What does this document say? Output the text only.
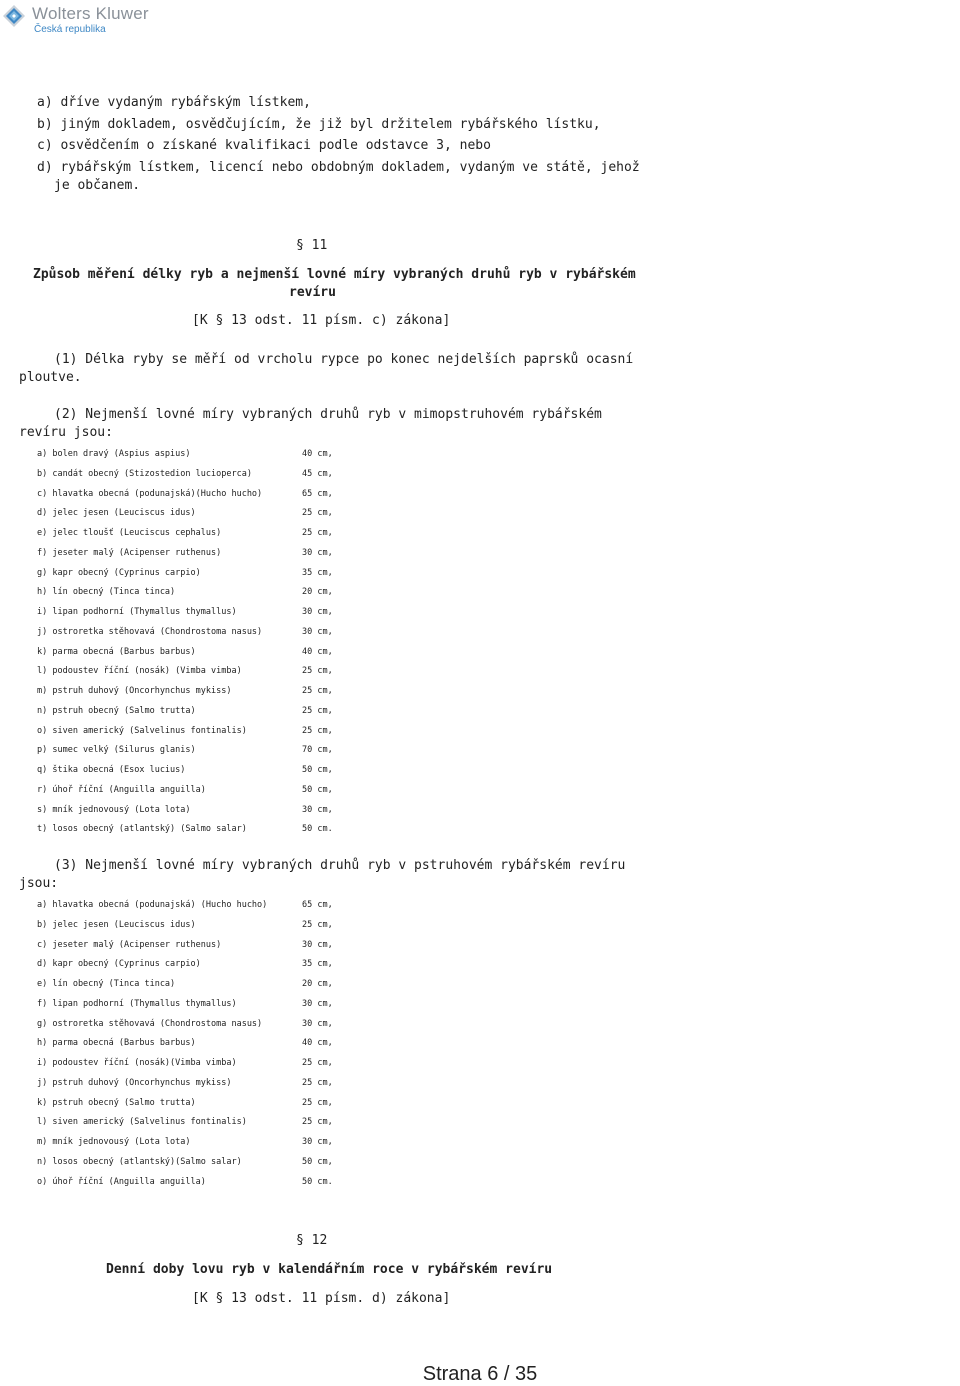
Wolters Kluwer
Česká republika
a) dříve vydaným rybářským lístkem,
b) jiným dokladem, osvědčujícím, že již byl držitelem rybářského lístku,
c) osvědčením o získané kvalifikaci podle odstavce 3, nebo
d) rybářským lístkem, licencí nebo obdobným dokladem, vydaným ve státě, jehož
je občanem.
§ 11
Způsob měření délky ryb a nejmenší lovné míry vybraných druhů ryb v rybářském
revíru
[K § 13 odst. 11 písm. c) zákona]
(1) Délka ryby se měří od vrcholu rypce po konec nejdelších paprsků ocasní
ploutve.
(2) Nejmenší lovné míry vybraných druhů ryb v mimopstruhovém rybářském
revíru jsou:
a) bolen dravý (Aspius aspius)	40 cm,
b) candát obecný (Stizostedion lucioperca)	45 cm,
c) hlavatka obecná (podunajská)(Hucho hucho)	65 cm,
d) jelec jesen (Leuciscus idus)	25 cm,
e) jelec tloušť (Leuciscus cephalus)	25 cm,
f) jeseter malý (Acipenser ruthenus)	30 cm,
g) kapr obecný (Cyprinus carpio)	35 cm,
h) lín obecný (Tinca tinca)	20 cm,
i) lipan podhorní (Thymallus thymallus)	30 cm,
j) ostroretka stěhovavá (Chondrostoma nasus)	30 cm,
k) parma obecná (Barbus barbus)	40 cm,
l) podoustev říční (nosák) (Vimba vimba)	25 cm,
m) pstruh duhový (Oncorhynchus mykiss)	25 cm,
n) pstruh obecný (Salmo trutta)	25 cm,
o) siven americký (Salvelinus fontinalis)	25 cm,
p) sumec velký (Silurus glanis)	70 cm,
q) štika obecná (Esox lucius)	50 cm,
r) úhoř říční (Anguilla anguilla)	50 cm,
s) mník jednovousý (Lota lota)	30 cm,
t) losos obecný (atlantský) (Salmo salar)	50 cm.
(3) Nejmenší lovné míry vybraných druhů ryb v pstruhovém rybářském revíru
jsou:
a) hlavatka obecná (podunajská) (Hucho hucho)	65 cm,
b) jelec jesen (Leuciscus idus)	25 cm,
c) jeseter malý (Acipenser ruthenus)	30 cm,
d) kapr obecný (Cyprinus carpio)	35 cm,
e) lín obecný (Tinca tinca)	20 cm,
f) lipan podhorní (Thymallus thymallus)	30 cm,
g) ostroretka stěhovavá (Chondrostoma nasus)	30 cm,
h) parma obecná (Barbus barbus)	40 cm,
i) podoustev říční (nosák)(Vimba vimba)	25 cm,
j) pstruh duhový (Oncorhynchus mykiss)	25 cm,
k) pstruh obecný (Salmo trutta)	25 cm,
l) siven americký (Salvelinus fontinalis)	25 cm,
m) mník jednovousý (Lota lota)	30 cm,
n) losos obecný (atlantský)(Salmo salar)	50 cm,
o) úhoř říční (Anguilla anguilla)	50 cm.
§ 12
Denní doby lovu ryb v kalendářním roce v rybářském revíru
[K § 13 odst. 11 písm. d) zákona]
Strana 6 / 35
